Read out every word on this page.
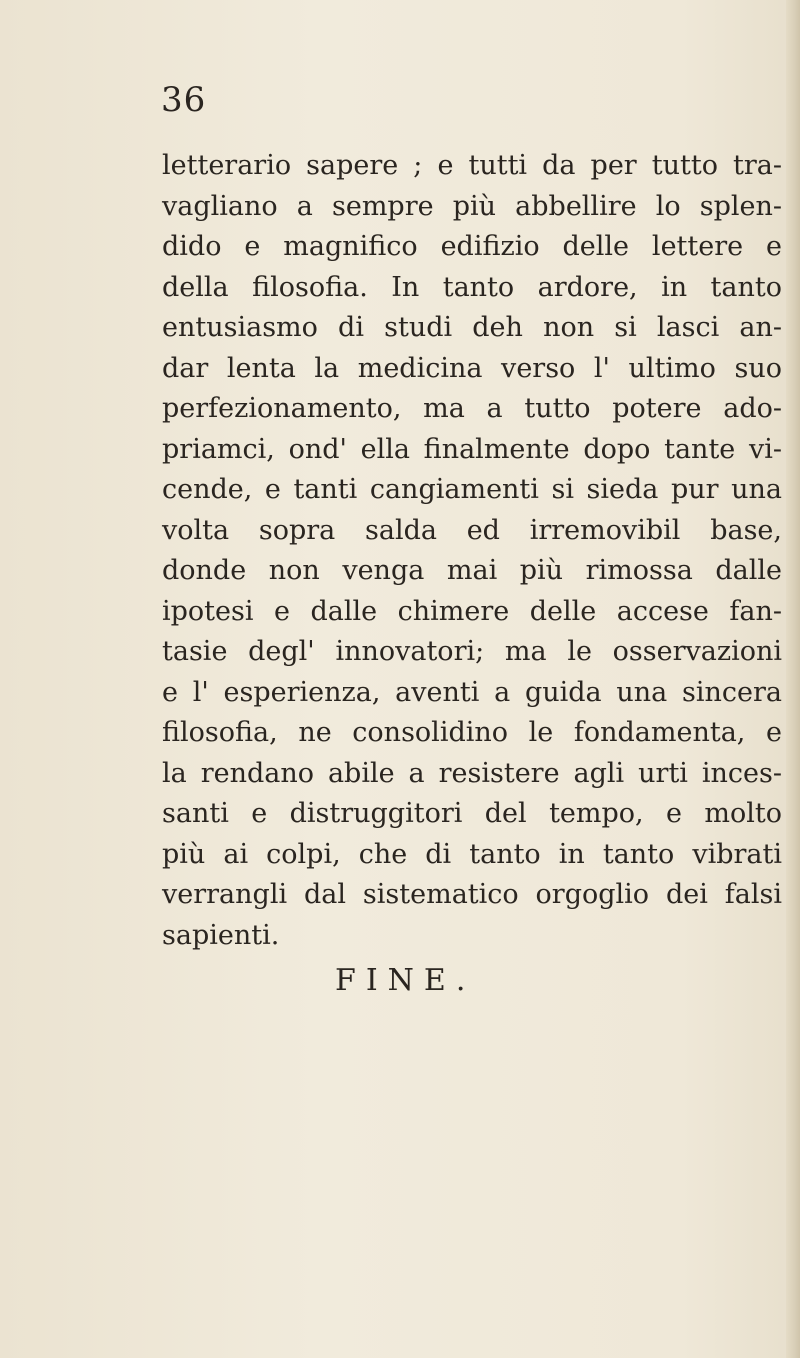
36
letterario sapere ; e tutti da per tutto tra-
vagliano a sempre più abbellire lo splen-
dido e magnifico edifizio delle lettere e
della filosofia. In tanto ardore, in tanto
entusiasmo di studi deh non si lasci an-
dar lenta la medicina verso l' ultimo suo
perfezionamento, ma a tutto potere ado-
priamci, ond' ella finalmente dopo tante vi-
cende, e tanti cangiamenti si sieda pur una
volta sopra salda ed irremovibil base,
donde non venga mai più rimossa dalle
ipotesi e dalle chimere delle accese fan-
tasie degl' innovatori; ma le osservazioni
e l' esperienza, aventi a guida una sincera
filosofia, ne consolidino le fondamenta, e
la rendano abile a resistere agli urti inces-
santi e distruggitori del tempo, e molto
più ai colpi, che di tanto in tanto vibrati
verrangli dal sistematico orgoglio dei falsi
sapienti.
FINE.
